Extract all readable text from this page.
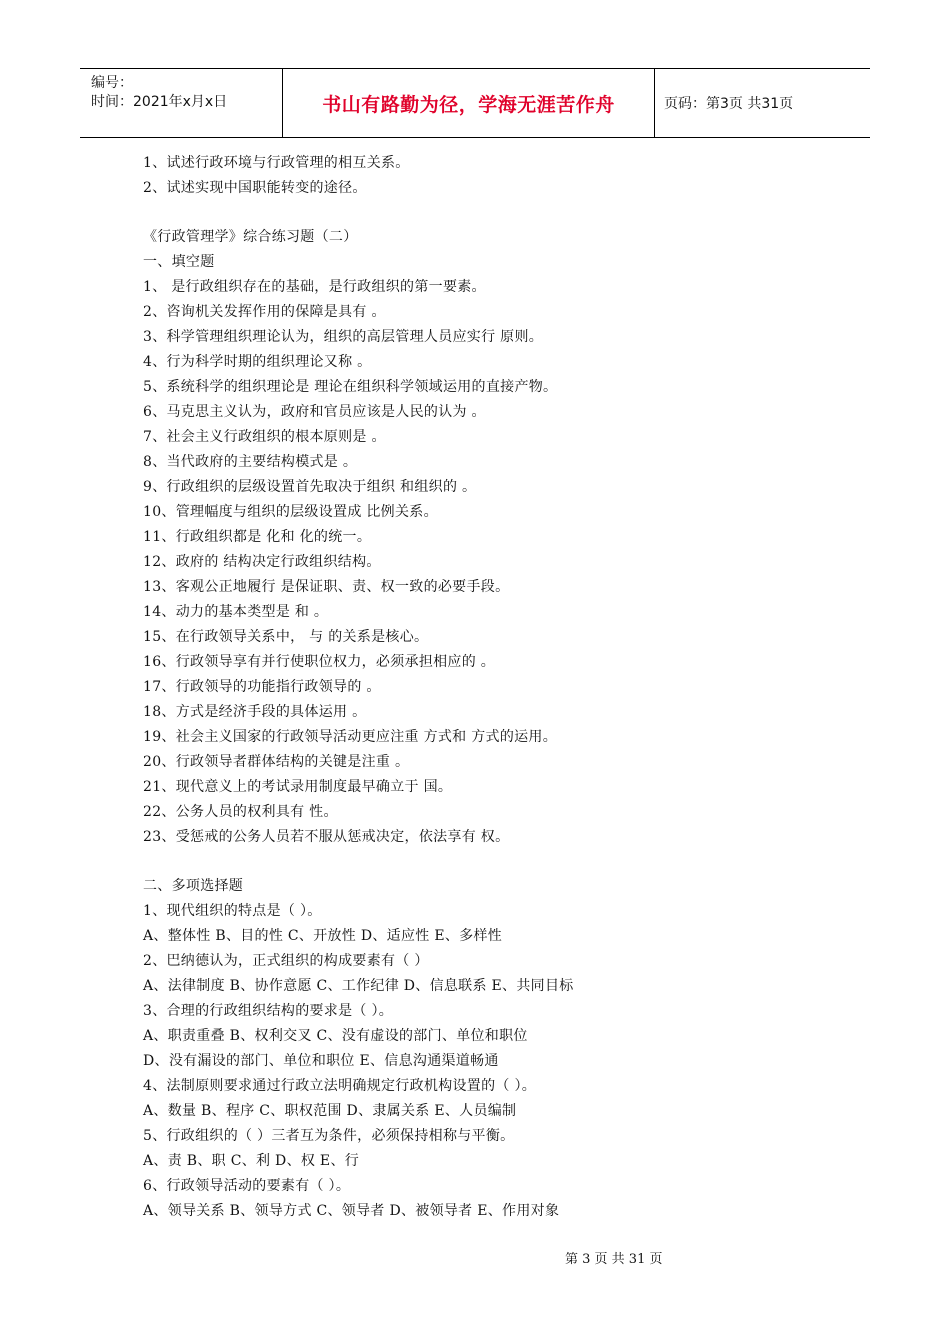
编号：
时间：2021年x月x日	书山有路勤为径，学海无涯苦作舟	页码：第3页 共31页
1、试述行政环境与行政管理的相互关系。
2、试述实现中国职能转变的途径。
《行政管理学》综合练习题（二）
一、填空题
1、 是行政组织存在的基础，是行政组织的第一要素。
2、咨询机关发挥作用的保障是具有 。
3、科学管理组织理论认为，组织的高层管理人员应实行 原则。
4、行为科学时期的组织理论又称 。
5、系统科学的组织理论是 理论在组织科学领域运用的直接产物。
6、马克思主义认为，政府和官员应该是人民的认为 。
7、社会主义行政组织的根本原则是 。
8、当代政府的主要结构模式是 。
9、行政组织的层级设置首先取决于组织 和组织的 。
10、管理幅度与组织的层级设置成 比例关系。
11、行政组织都是 化和 化的统一。
12、政府的 结构决定行政组织结构。
13、客观公正地履行 是保证职、责、权一致的必要手段。
14、动力的基本类型是 和 。
15、在行政领导关系中， 与 的关系是核心。
16、行政领导享有并行使职位权力，必须承担相应的 。
17、行政领导的功能指行政领导的 。
18、方式是经济手段的具体运用 。
19、社会主义国家的行政领导活动更应注重 方式和 方式的运用。
20、行政领导者群体结构的关键是注重 。
21、现代意义上的考试录用制度最早确立于 国。
22、公务人员的权利具有 性。
23、受惩戒的公务人员若不服从惩戒决定，依法享有 权。
二、多项选择题
1、现代组织的特点是（ ）。
A、整体性 B、目的性 C、开放性 D、适应性 E、多样性
2、巴纳德认为，正式组织的构成要素有（ ）
A、法律制度 B、协作意愿 C、工作纪律 D、信息联系 E、共同目标
3、合理的行政组织结构的要求是（ ）。
A、职责重叠 B、权利交叉 C、没有虚设的部门、单位和职位
D、没有漏设的部门、单位和职位 E、信息沟通渠道畅通
4、法制原则要求通过行政立法明确规定行政机构设置的（ ）。
A、数量 B、程序 C、职权范围 D、隶属关系 E、人员编制
5、行政组织的（ ）三者互为条件，必须保持相称与平衡。
A、责 B、职 C、利 D、权 E、行
6、行政领导活动的要素有（ ）。
A、领导关系 B、领导方式 C、领导者 D、被领导者 E、作用对象
第 3 页 共 31 页
